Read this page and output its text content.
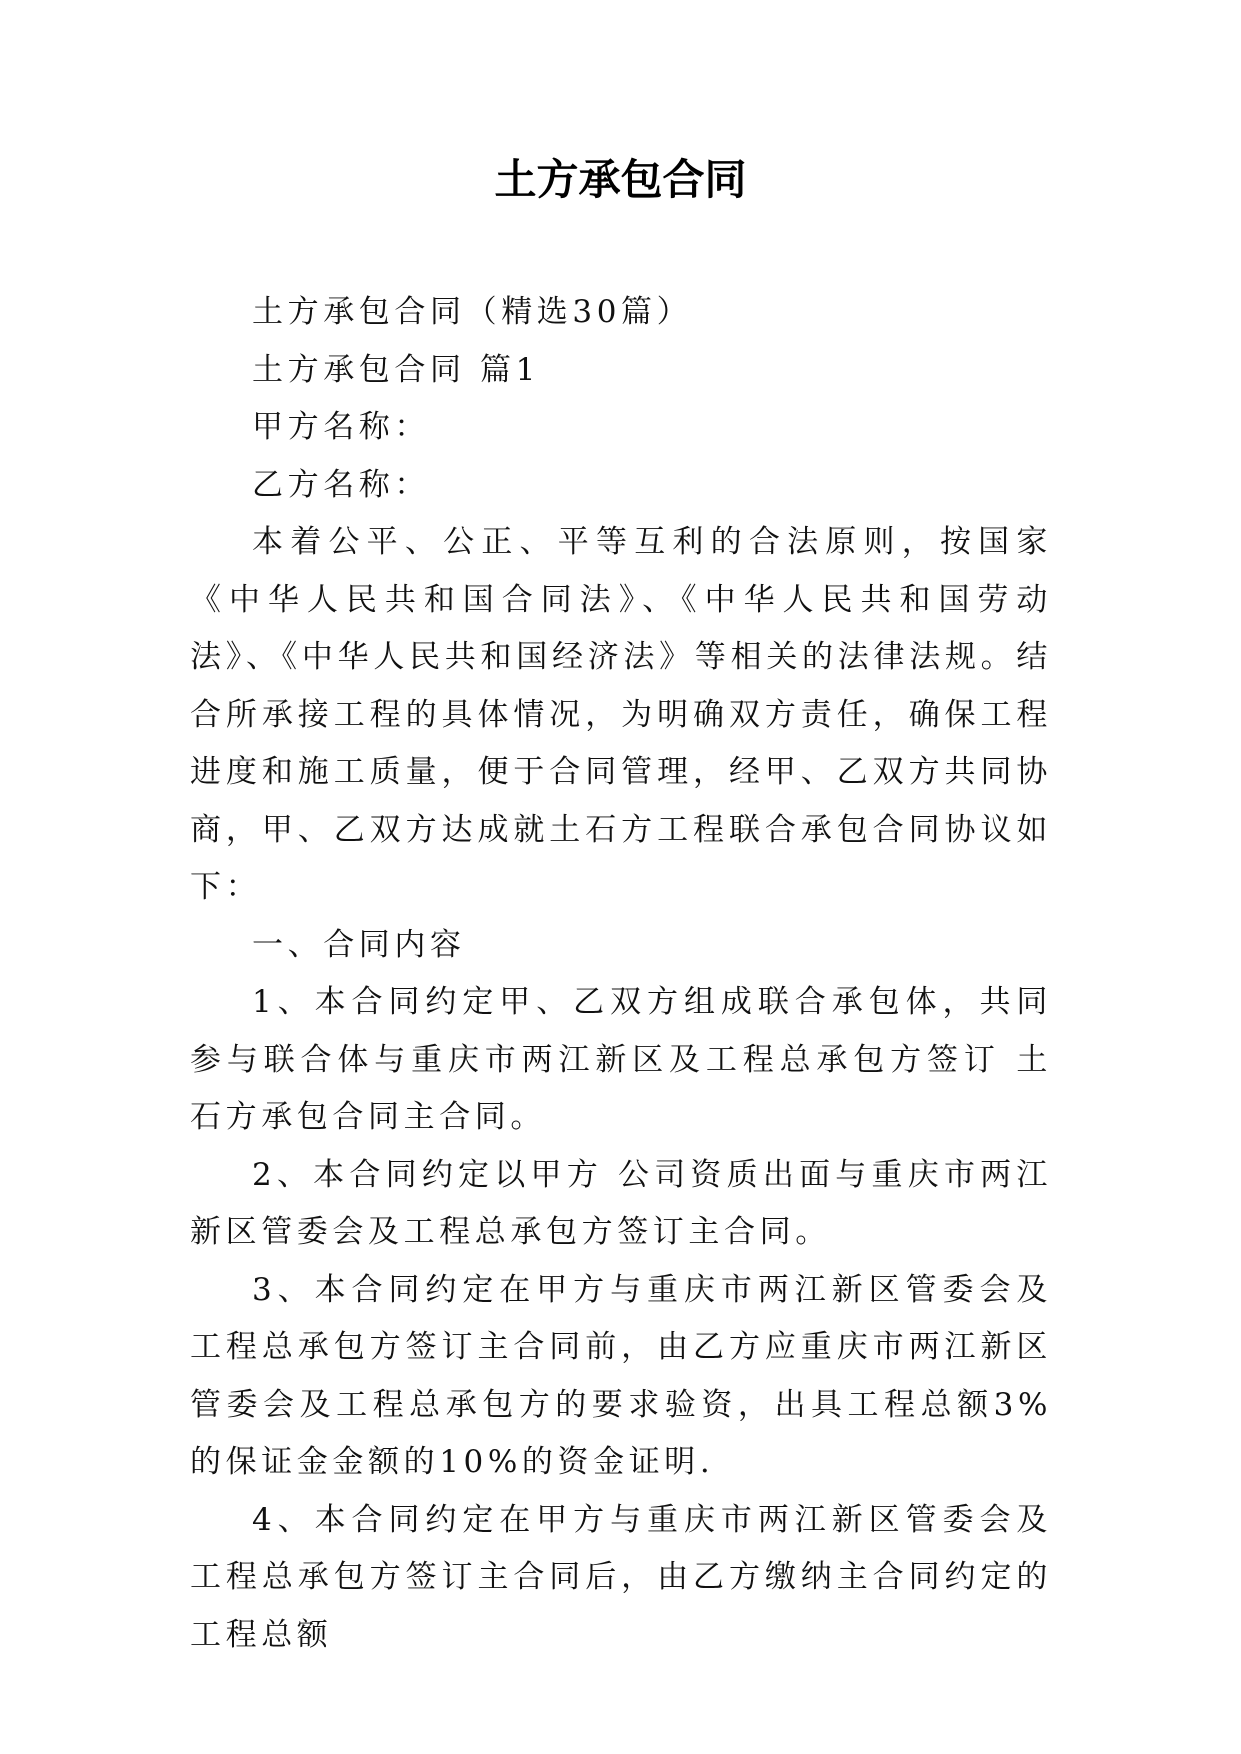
土方承包合同

土方承包合同（精选30篇）

土方承包合同 篇1

甲方名称：

乙方名称：

本着公平、公正、平等互利的合法原则，按国家《中华人民共和国合同法》、《中华人民共和国劳动法》、《中华人民共和国经济法》等相关的法律法规。结合所承接工程的具体情况，为明确双方责任，确保工程进度和施工质量，便于合同管理，经甲、乙双方共同协商，甲、乙双方达成就土石方工程联合承包合同协议如下：

一、合同内容

1、本合同约定甲、乙双方组成联合承包体，共同参与联合体与重庆市两江新区及工程总承包方签订 土石方承包合同主合同。

2、本合同约定以甲方 公司资质出面与重庆市两江新区管委会及工程总承包方签订主合同。

3、本合同约定在甲方与重庆市两江新区管委会及工程总承包方签订主合同前，由乙方应重庆市两江新区管委会及工程总承包方的要求验资，出具工程总额3%的保证金金额的10%的资金证明.

4、本合同约定在甲方与重庆市两江新区管委会及工程总承包方签订主合同后，由乙方缴纳主合同约定的工程总额
